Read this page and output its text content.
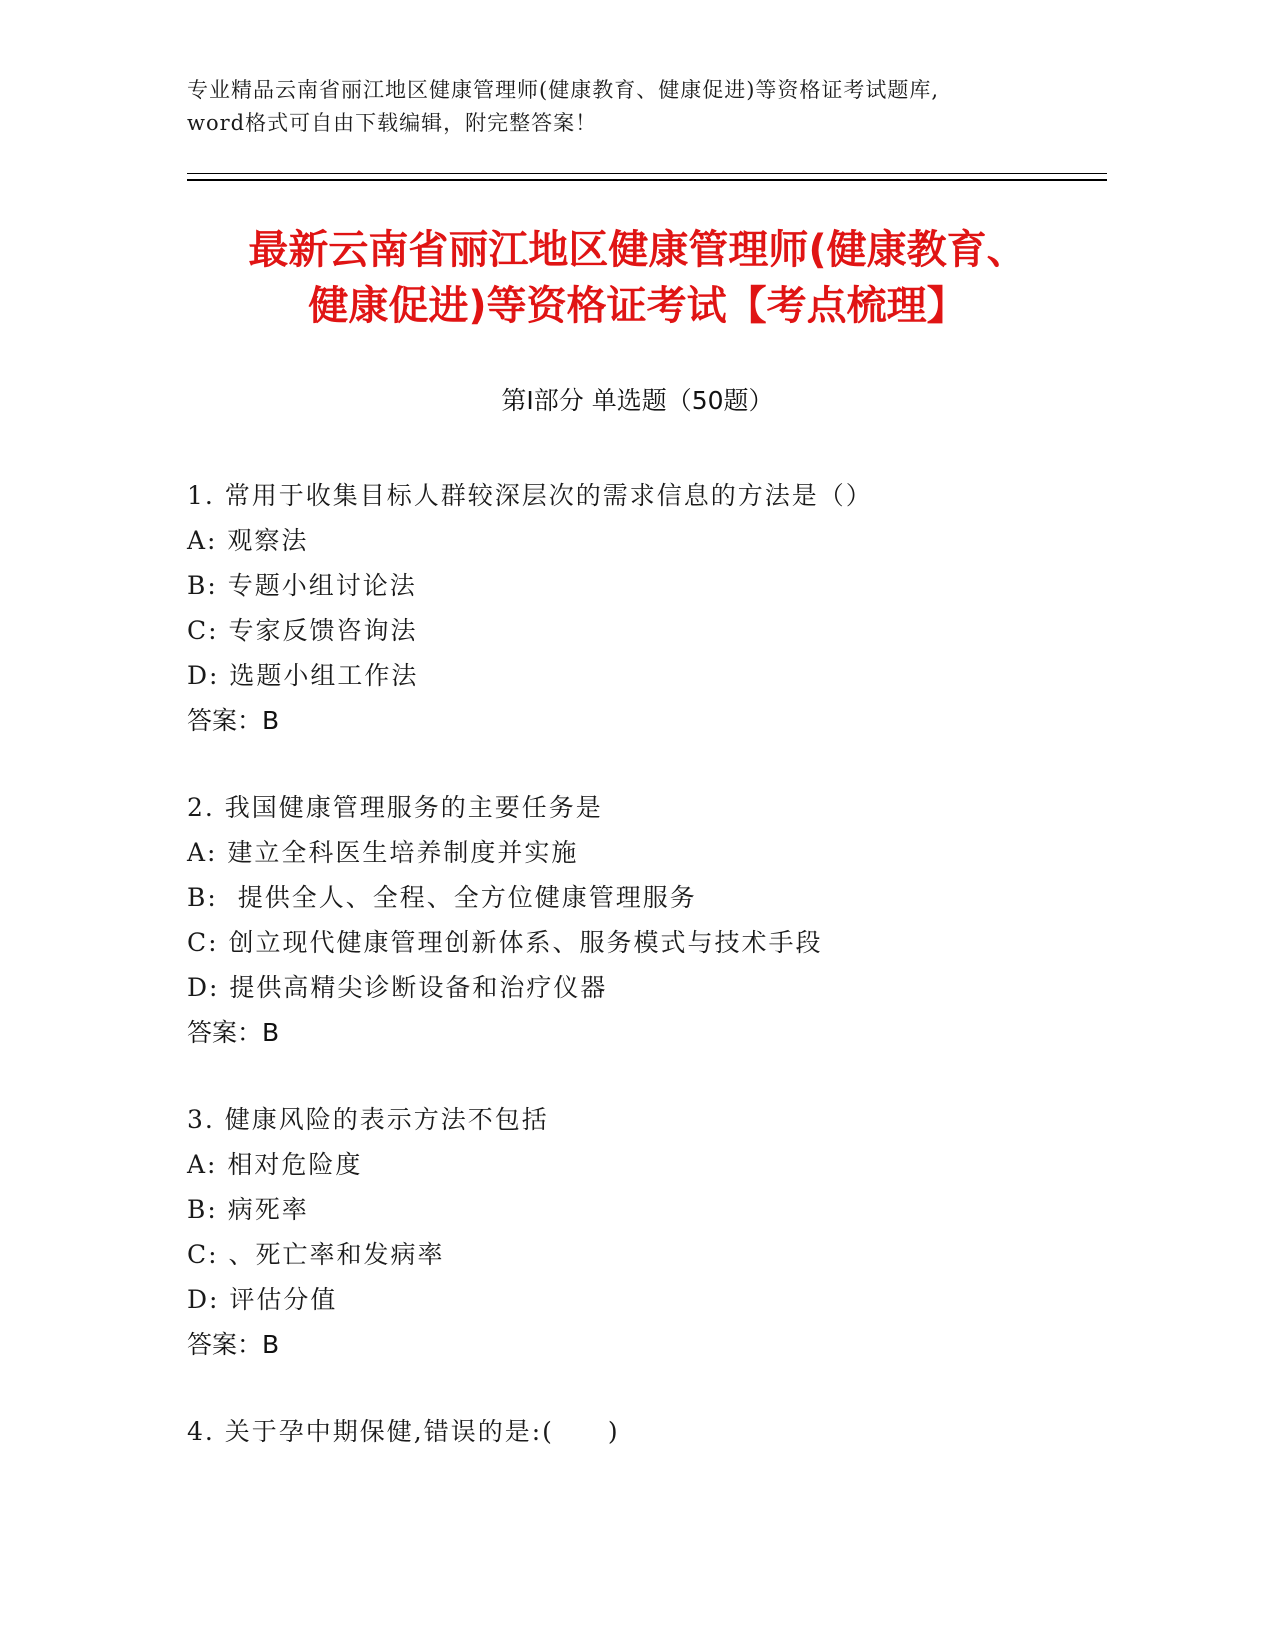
专业精品云南省丽江地区健康管理师(健康教育、健康促进)等资格证考试题库,
word格式可自由下载编辑，附完整答案！
最新云南省丽江地区健康管理师(健康教育、
健康促进)等资格证考试【考点梳理】
第Ⅰ部分 单选题（50题）
1. 常用于收集目标人群较深层次的需求信息的方法是（）
A: 观察法
B: 专题小组讨论法
C: 专家反馈咨询法
D: 选题小组工作法
答案：B
2. 我国健康管理服务的主要任务是
A: 建立全科医生培养制度并实施
B:  提供全人、全程、全方位健康管理服务
C: 创立现代健康管理创新体系、服务模式与技术手段
D: 提供高精尖诊断设备和治疗仪器
答案：B
3. 健康风险的表示方法不包括
A: 相对危险度
B: 病死率
C: 、死亡率和发病率
D: 评估分值
答案：B
4. 关于孕中期保健,错误的是:(　　)
